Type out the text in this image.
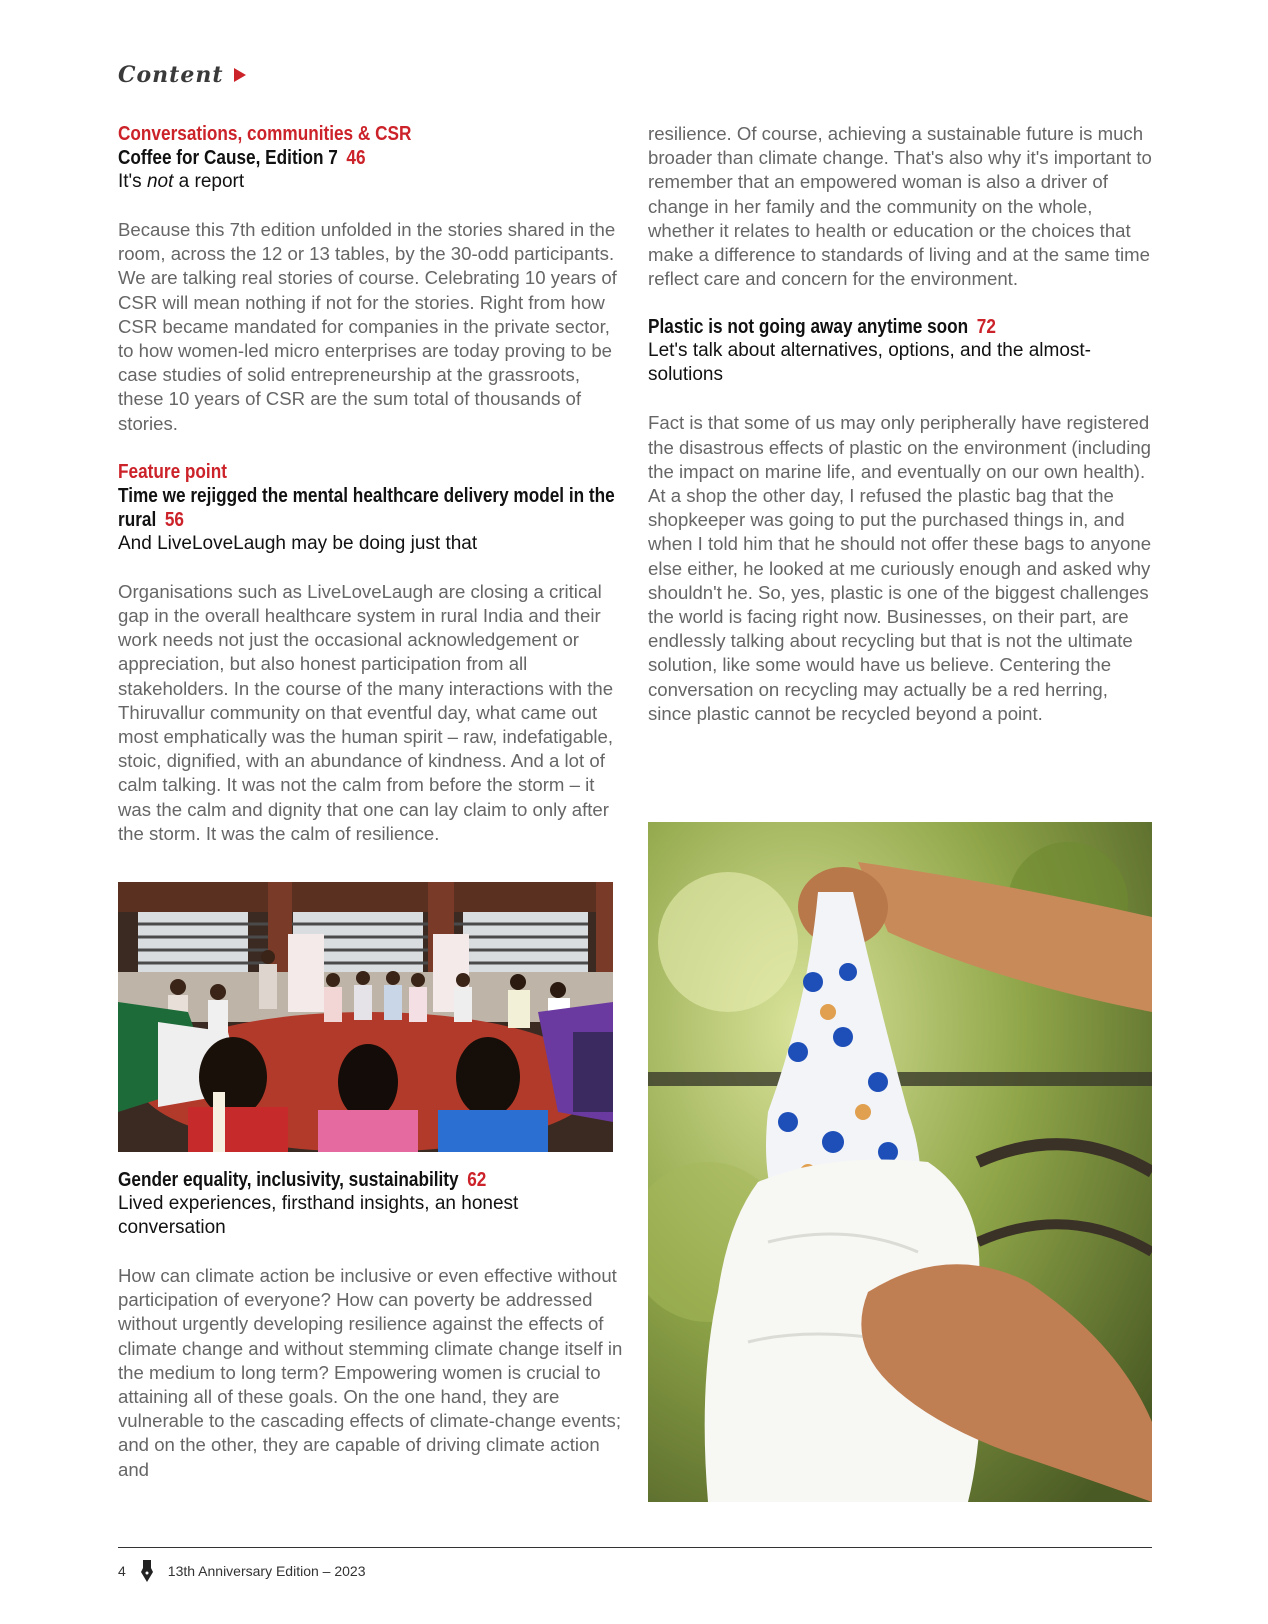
Content
Conversations, communities & CSR
Coffee for Cause, Edition 7 46
It's not a report
Because this 7th edition unfolded in the stories shared in the room, across the 12 or 13 tables, by the 30-odd participants. We are talking real stories of course. Celebrating 10 years of CSR will mean nothing if not for the stories. Right from how CSR became mandated for companies in the private sector, to how women-led micro enterprises are today proving to be case studies of solid entrepreneurship at the grassroots, these 10 years of CSR are the sum total of thousands of stories.
Feature point
Time we rejigged the mental healthcare delivery model in the rural 56
And LiveLoveLaugh may be doing just that
Organisations such as LiveLoveLaugh are closing a critical gap in the overall healthcare system in rural India and their work needs not just the occasional acknowledgement or appreciation, but also honest participation from all stakeholders. In the course of the many interactions with the Thiruvallur community on that eventful day, what came out most emphatically was the human spirit – raw, indefatigable, stoic, dignified, with an abundance of kindness. And a lot of calm talking. It was not the calm from before the storm – it was the calm and dignity that one can lay claim to only after the storm. It was the calm of resilience.
Gender equality, inclusivity, sustainability 62
Lived experiences, firsthand insights, an honest conversation
How can climate action be inclusive or even effective without participation of everyone? How can poverty be addressed without urgently developing resilience against the effects of climate change and without stemming climate change itself in the medium to long term? Empowering women is crucial to attaining all of these goals. On the one hand, they are vulnerable to the cascading effects of climate-change events; and on the other, they are capable of driving climate action and
resilience. Of course, achieving a sustainable future is much broader than climate change. That's also why it's important to remember that an empowered woman is also a driver of change in her family and the community on the whole, whether it relates to health or education or the choices that make a difference to standards of living and at the same time reflect care and concern for the environment.
Plastic is not going away anytime soon 72
Let's talk about alternatives, options, and the almost-solutions
Fact is that some of us may only peripherally have registered the disastrous effects of plastic on the environment (including the impact on marine life, and eventually on our own health). At a shop the other day, I refused the plastic bag that the shopkeeper was going to put the purchased things in, and when I told him that he should not offer these bags to anyone else either, he looked at me curiously enough and asked why shouldn't he. So, yes, plastic is one of the biggest challenges the world is facing right now. Businesses, on their part, are endlessly talking about recycling but that is not the ultimate solution, like some would have us believe. Centering the conversation on recycling may actually be a red herring, since plastic cannot be recycled beyond a point.
4	13th Anniversary Edition – 2023
